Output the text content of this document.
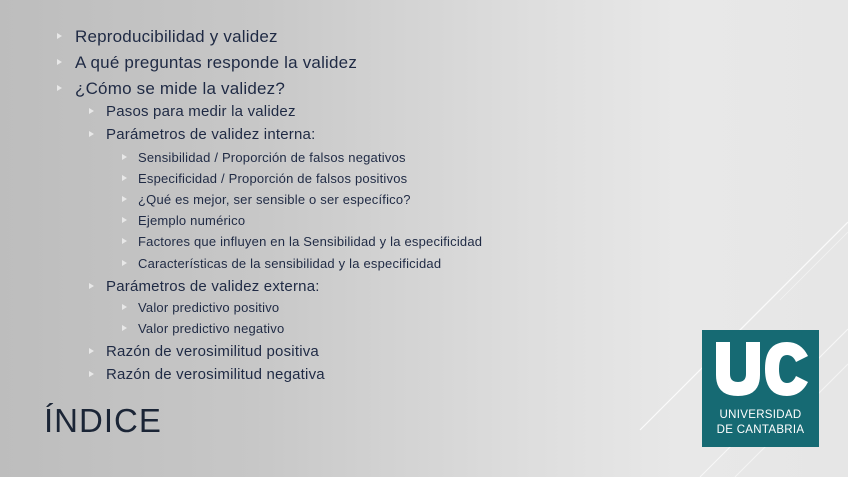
Reproducibilidad y validez
A qué preguntas responde la validez
¿Cómo se mide la validez?
Pasos para medir la validez
Parámetros de validez interna:
Sensibilidad / Proporción de falsos negativos
Especificidad / Proporción de falsos positivos
¿Qué es mejor, ser sensible o ser específico?
Ejemplo numérico
Factores que influyen en la Sensibilidad y la especificidad
Características de la sensibilidad y la especificidad
Parámetros de validez externa:
Valor predictivo positivo
Valor predictivo negativo
Razón de verosimilitud positiva
Razón de verosimilitud negativa
ÍNDICE	UNIVERSIDAD
DE CANTABRIA
